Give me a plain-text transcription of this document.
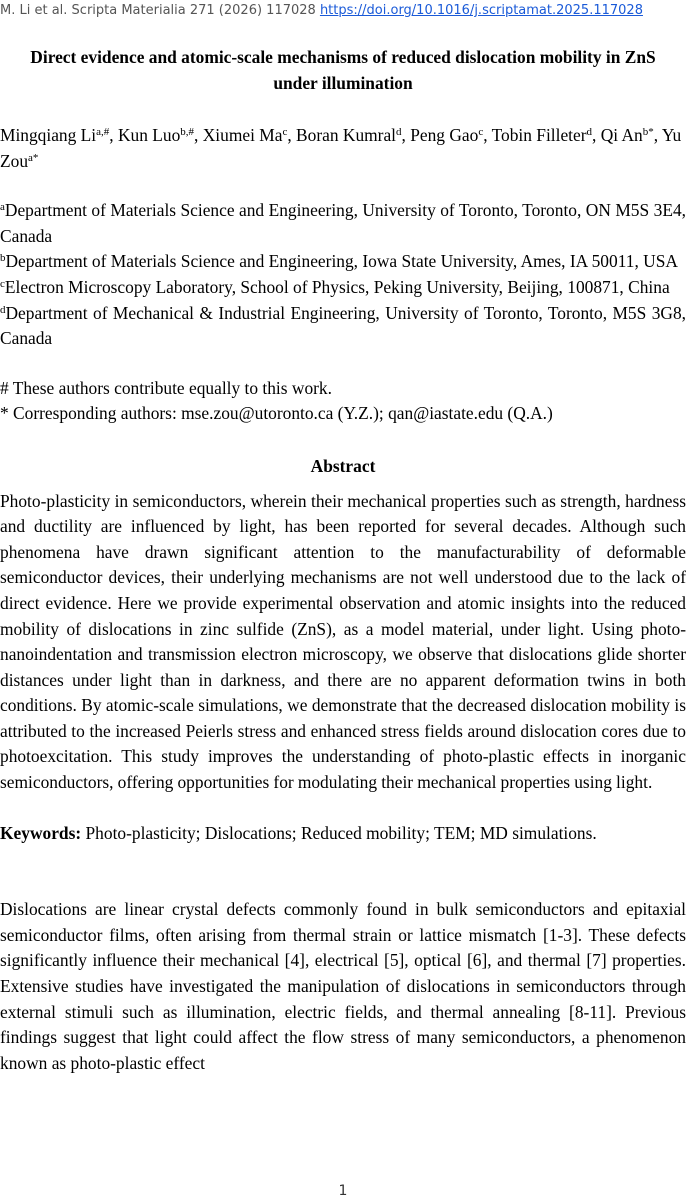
M. Li et al. Scripta Materialia 271 (2026) 117028 https://doi.org/10.1016/j.scriptamat.2025.117028
Direct evidence and atomic-scale mechanisms of reduced dislocation mobility in ZnS under illumination
Mingqiang $Li^{a,\#}$, Kun Luo$^{b,\#}$, Xiumei Ma$^c$, Boran Kumral$^d$, Peng Gao$^c$, Tobin Filleter$^d$, Qi $An^{b*}$, Yu Zou$^{a*}$
$^a$Department of Materials Science and Engineering, University of Toronto, Toronto, ON M5S 3E4, Canada
$^b$Department of Materials Science and Engineering, Iowa State University, Ames, IA 50011, USA
$^c$Electron Microscopy Laboratory, School of Physics, Peking University, Beijing, 100871, China
$^d$Department of Mechanical & Industrial Engineering, University of Toronto, Toronto, M5S 3G8, Canada
# These authors contribute equally to this work.
* Corresponding authors: mse.zou@utoronto.ca (Y.Z.); qan@iastate.edu (Q.A.)
Abstract
Photo-plasticity in semiconductors, wherein their mechanical properties such as strength, hardness and ductility are influenced by light, has been reported for several decades. Although such phenomena have drawn significant attention to the manufacturability of deformable semiconductor devices, their underlying mechanisms are not well understood due to the lack of direct evidence. Here we provide experimental observation and atomic insights into the reduced mobility of dislocations in zinc sulfide (ZnS), as a model material, under light. Using photo-nanoindentation and transmission electron microscopy, we observe that dislocations glide shorter distances under light than in darkness, and there are no apparent deformation twins in both conditions. By atomic-scale simulations, we demonstrate that the decreased dislocation mobility is attributed to the increased Peierls stress and enhanced stress fields around dislocation cores due to photoexcitation. This study improves the understanding of photo-plastic effects in inorganic semiconductors, offering opportunities for modulating their mechanical properties using light.
Keywords: Photo-plasticity; Dislocations; Reduced mobility; TEM; MD simulations.
Dislocations are linear crystal defects commonly found in bulk semiconductors and epitaxial semiconductor films, often arising from thermal strain or lattice mismatch [1-3]. These defects significantly influence their mechanical [4], electrical [5], optical [6], and thermal [7] properties. Extensive studies have investigated the manipulation of dislocations in semiconductors through external stimuli such as illumination, electric fields, and thermal annealing [8-11]. Previous findings suggest that light could affect the flow stress of many semiconductors, a phenomenon known as photo-plastic effect
1
